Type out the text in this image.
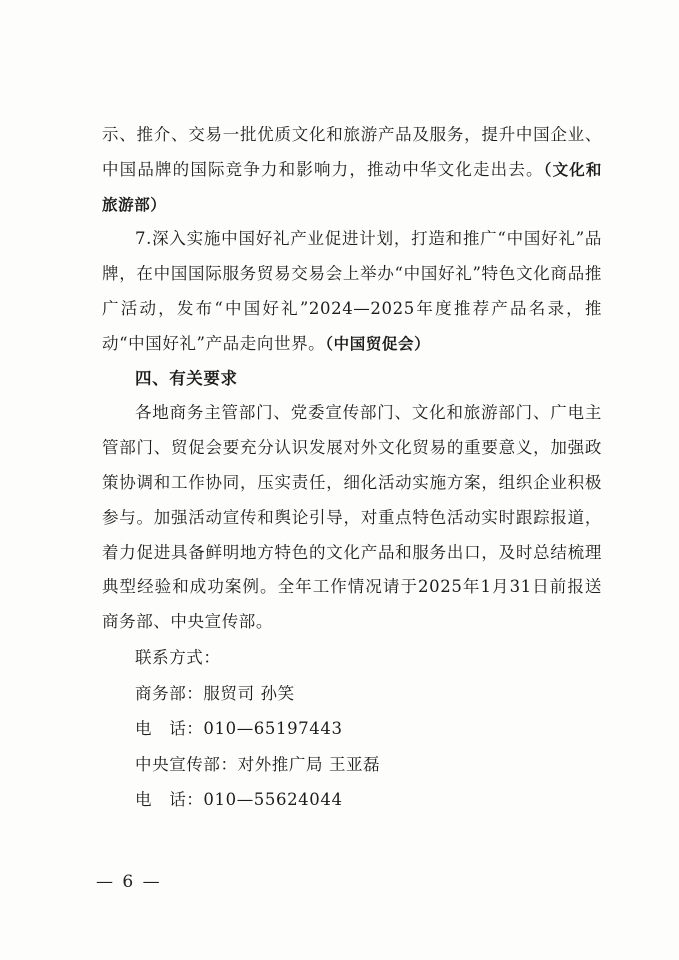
示、推介、交易一批优质文化和旅游产品及服务，提升中国企业、中国品牌的国际竞争力和影响力，推动中华文化走出去。（文化和旅游部）

7.深入实施中国好礼产业促进计划，打造和推广“中国好礼”品牌，在中国国际服务贸易交易会上举办“中国好礼”特色文化商品推广活动，发布“中国好礼”2024—2025年度推荐产品名录，推动“中国好礼”产品走向世界。（中国贸促会）

四、有关要求

各地商务主管部门、党委宣传部门、文化和旅游部门、广电主管部门、贸促会要充分认识发展对外文化贸易的重要意义，加强政策协调和工作协同，压实责任，细化活动实施方案，组织企业积极参与。加强活动宣传和舆论引导，对重点特色活动实时跟踪报道，着力促进具备鲜明地方特色的文化产品和服务出口，及时总结梳理典型经验和成功案例。全年工作情况请于2025年1月31日前报送商务部、中央宣传部。

联系方式：

商务部：服贸司 孙笑

电　话：010—65197443

中央宣传部：对外推广局 王亚磊

电　话：010—55624044

— 6 —
